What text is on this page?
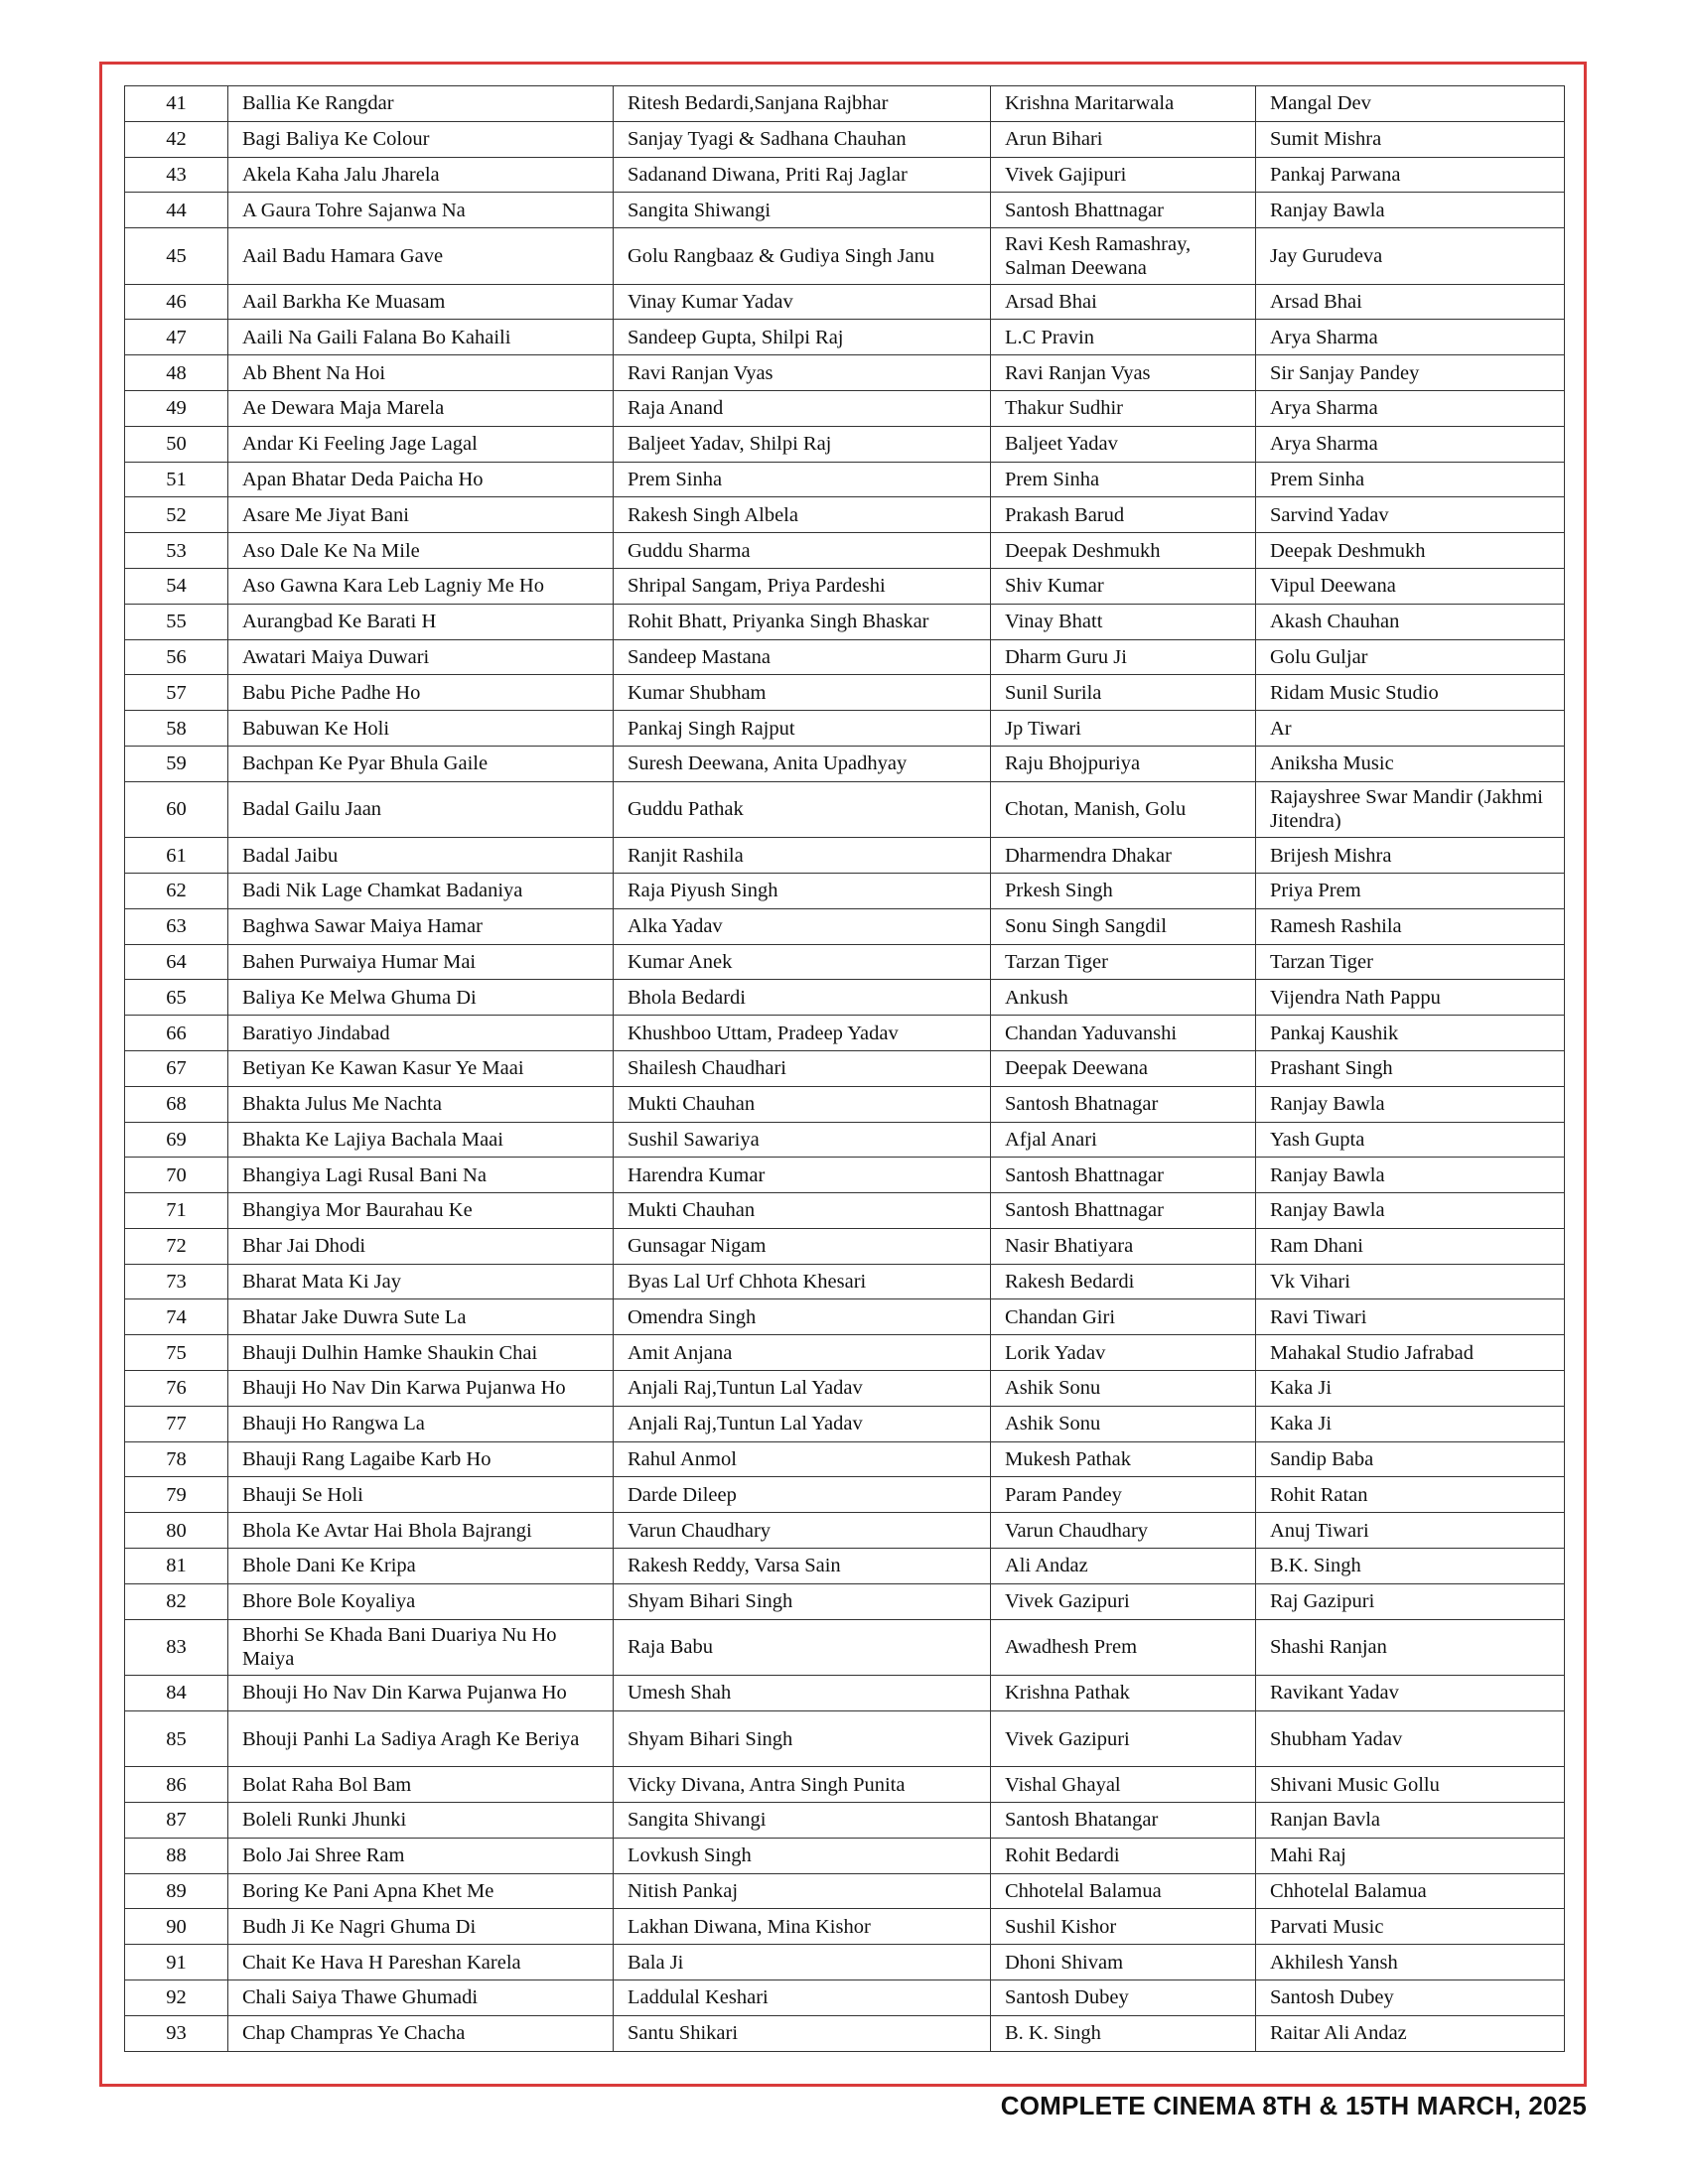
41	Ballia Ke Rangdar	Ritesh Bedardi,Sanjana Rajbhar	Krishna Maritarwala	Mangal Dev
42	Bagi Baliya Ke Colour	Sanjay Tyagi & Sadhana Chauhan	Arun Bihari	Sumit Mishra
43	Akela Kaha Jalu Jharela	Sadanand Diwana, Priti Raj Jaglar	Vivek Gajipuri	Pankaj Parwana
44	A Gaura Tohre Sajanwa Na	Sangita Shiwangi	Santosh Bhattnagar	Ranjay Bawla
45	Aail Badu Hamara Gave	Golu Rangbaaz & Gudiya Singh Janu	Ravi Kesh Ramashray, Salman Deewana	Jay Gurudeva
46	Aail Barkha Ke Muasam	Vinay Kumar Yadav	Arsad Bhai	Arsad Bhai
47	Aaili Na Gaili Falana Bo Kahaili	Sandeep Gupta, Shilpi Raj	L.C Pravin	Arya Sharma
48	Ab Bhent Na Hoi	Ravi Ranjan Vyas	Ravi Ranjan Vyas	Sir Sanjay Pandey
49	Ae Dewara Maja Marela	Raja Anand	Thakur Sudhir	Arya Sharma
50	Andar Ki Feeling Jage Lagal	Baljeet Yadav, Shilpi Raj	Baljeet Yadav	Arya Sharma
51	Apan Bhatar Deda Paicha Ho	Prem Sinha	Prem Sinha	Prem Sinha
52	Asare Me Jiyat Bani	Rakesh Singh Albela	Prakash Barud	Sarvind Yadav
53	Aso Dale Ke Na Mile	Guddu Sharma	Deepak Deshmukh	Deepak Deshmukh
54	Aso Gawna Kara Leb Lagniy Me Ho	Shripal Sangam, Priya Pardeshi	Shiv Kumar	Vipul Deewana
55	Aurangbad Ke Barati H	Rohit Bhatt, Priyanka Singh Bhaskar	Vinay Bhatt	Akash Chauhan
56	Awatari Maiya Duwari	Sandeep Mastana	Dharm Guru Ji	Golu Guljar
57	Babu Piche Padhe Ho	Kumar Shubham	Sunil Surila	Ridam Music Studio
58	Babuwan Ke Holi	Pankaj Singh Rajput	Jp Tiwari	Ar
59	Bachpan Ke Pyar Bhula Gaile	Suresh Deewana, Anita Upadhyay	Raju Bhojpuriya	Aniksha Music
60	Badal Gailu Jaan	Guddu Pathak	Chotan, Manish, Golu	Rajayshree Swar Mandir (Jakhmi Jitendra)
61	Badal Jaibu	Ranjit Rashila	Dharmendra Dhakar	Brijesh Mishra
62	Badi Nik Lage Chamkat Badaniya	Raja Piyush Singh	Prkesh Singh	Priya Prem
63	Baghwa Sawar Maiya Hamar	Alka Yadav	Sonu Singh Sangdil	Ramesh Rashila
64	Bahen Purwaiya Humar Mai	Kumar Anek	Tarzan Tiger	Tarzan Tiger
65	Baliya Ke Melwa Ghuma Di	Bhola Bedardi	Ankush	Vijendra Nath Pappu
66	Baratiyo Jindabad	Khushboo Uttam, Pradeep Yadav	Chandan Yaduvanshi	Pankaj Kaushik
67	Betiyan Ke Kawan Kasur Ye Maai	Shailesh Chaudhari	Deepak Deewana	Prashant Singh
68	Bhakta Julus Me Nachta	Mukti Chauhan	Santosh Bhatnagar	Ranjay Bawla
69	Bhakta Ke Lajiya Bachala Maai	Sushil Sawariya	Afjal Anari	Yash Gupta
70	Bhangiya Lagi Rusal Bani Na	Harendra Kumar	Santosh Bhattnagar	Ranjay Bawla
71	Bhangiya Mor Baurahau Ke	Mukti Chauhan	Santosh Bhattnagar	Ranjay Bawla
72	Bhar Jai Dhodi	Gunsagar Nigam	Nasir Bhatiyara	Ram Dhani
73	Bharat Mata Ki Jay	Byas Lal Urf Chhota Khesari	Rakesh Bedardi	Vk Vihari
74	Bhatar Jake Duwra Sute La	Omendra Singh	Chandan Giri	Ravi Tiwari
75	Bhauji Dulhin Hamke Shaukin Chai	Amit Anjana	Lorik Yadav	Mahakal Studio Jafrabad
76	Bhauji Ho Nav Din Karwa Pujanwa Ho	Anjali Raj,Tuntun Lal Yadav	Ashik Sonu	Kaka Ji
77	Bhauji Ho Rangwa La	Anjali Raj,Tuntun Lal Yadav	Ashik Sonu	Kaka Ji
78	Bhauji Rang Lagaibe Karb Ho	Rahul Anmol	Mukesh Pathak	Sandip Baba
79	Bhauji Se Holi	Darde Dileep	Param Pandey	Rohit Ratan
80	Bhola Ke Avtar Hai Bhola Bajrangi	Varun Chaudhary	Varun Chaudhary	Anuj Tiwari
81	Bhole Dani Ke Kripa	Rakesh Reddy, Varsa Sain	Ali Andaz	B.K. Singh
82	Bhore Bole Koyaliya	Shyam Bihari Singh	Vivek Gazipuri	Raj Gazipuri
83	Bhorhi Se Khada Bani Duariya Nu Ho Maiya	Raja Babu	Awadhesh Prem	Shashi Ranjan
84	Bhouji Ho Nav Din Karwa Pujanwa Ho	Umesh Shah	Krishna Pathak	Ravikant Yadav
85	Bhouji Panhi La Sadiya Aragh Ke Beriya	Shyam Bihari Singh	Vivek Gazipuri	Shubham Yadav
86	Bolat Raha Bol Bam	Vicky Divana, Antra Singh Punita	Vishal Ghayal	Shivani Music Gollu
87	Boleli Runki Jhunki	Sangita Shivangi	Santosh Bhatangar	Ranjan Bavla
88	Bolo Jai Shree Ram	Lovkush Singh	Rohit Bedardi	Mahi Raj
89	Boring Ke Pani Apna Khet Me	Nitish Pankaj	Chhotelal Balamua	Chhotelal Balamua
90	Budh Ji Ke Nagri Ghuma Di	Lakhan Diwana, Mina Kishor	Sushil Kishor	Parvati Music
91	Chait Ke Hava H Pareshan Karela	Bala Ji	Dhoni Shivam	Akhilesh Yansh
92	Chali Saiya Thawe Ghumadi	Laddulal Keshari	Santosh Dubey	Santosh Dubey
93	Chap Champras Ye Chacha	Santu Shikari	B. K. Singh	Raitar Ali Andaz
COMPLETE CINEMA 8TH & 15TH MARCH, 2025
